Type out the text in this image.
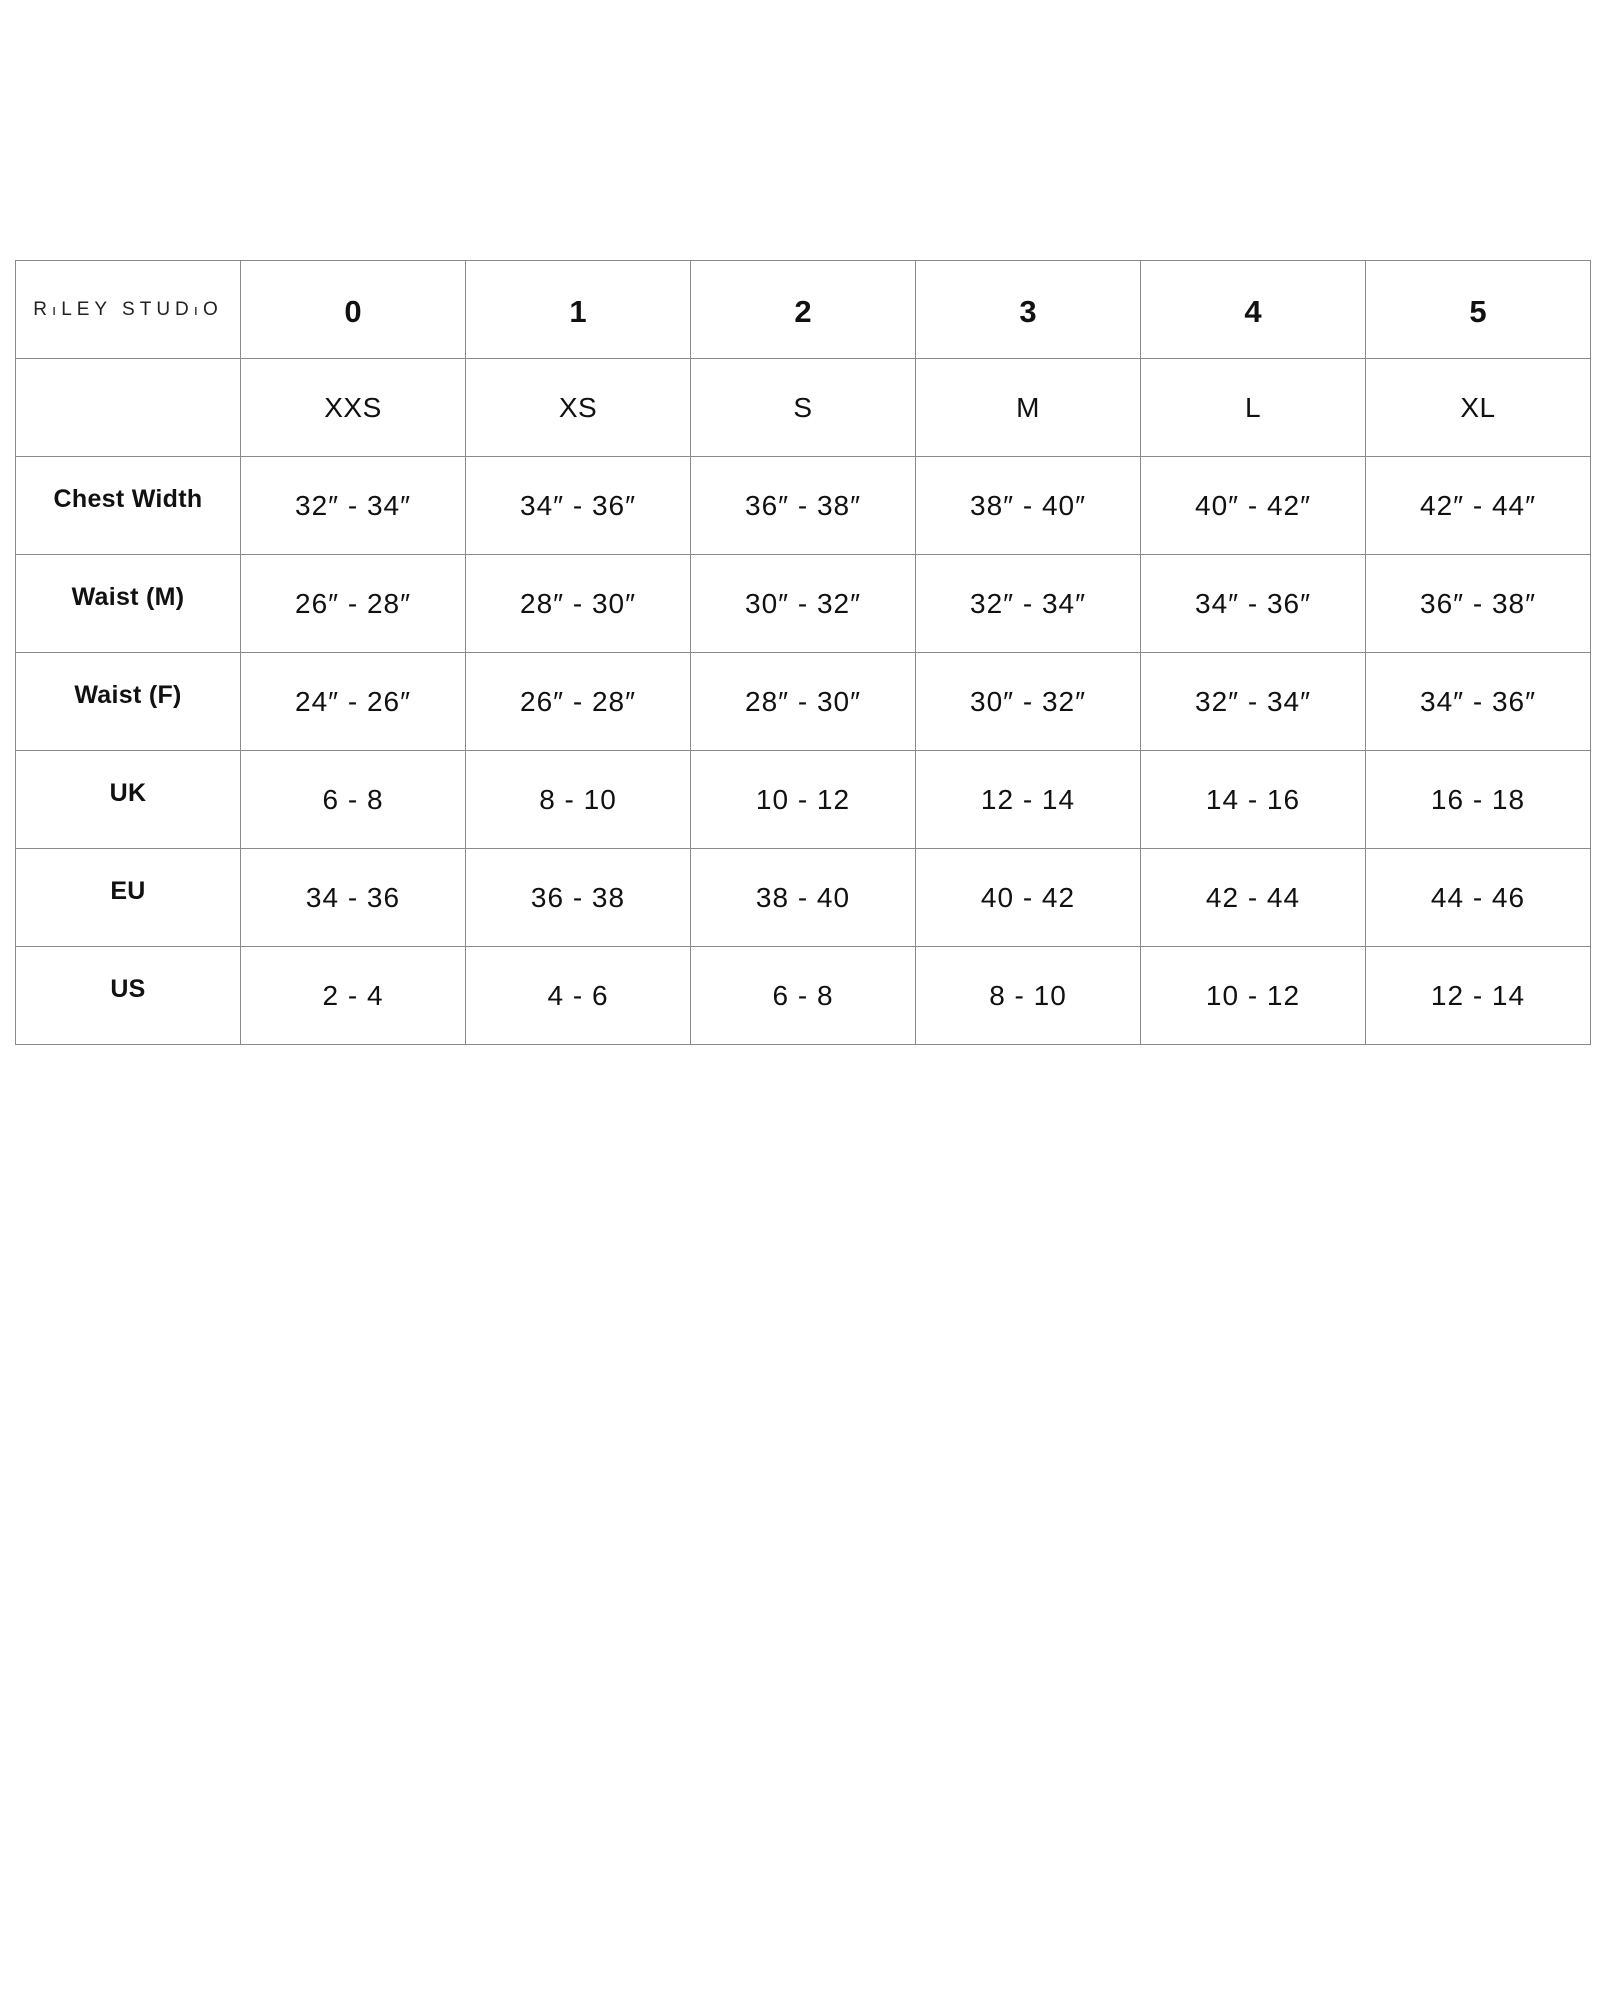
RıLEY STUDıO	0	1	2	3	4	5
	XXS	XS	S	M	L	XL
Chest Width	32″ - 34″	34″ - 36″	36″ - 38″	38″ - 40″	40″ - 42″	42″ - 44″
Waist (M)	26″ - 28″	28″ - 30″	30″ - 32″	32″ - 34″	34″ - 36″	36″ - 38″
Waist (F)	24″ - 26″	26″ - 28″	28″ - 30″	30″ - 32″	32″ - 34″	34″ - 36″
UK	6 - 8	8 - 10	10 - 12	12 - 14	14 - 16	16 - 18
EU	34 - 36	36 - 38	38 - 40	40 - 42	42 - 44	44 - 46
US	2 - 4	4 - 6	6 - 8	8 - 10	10 - 12	12 - 14
